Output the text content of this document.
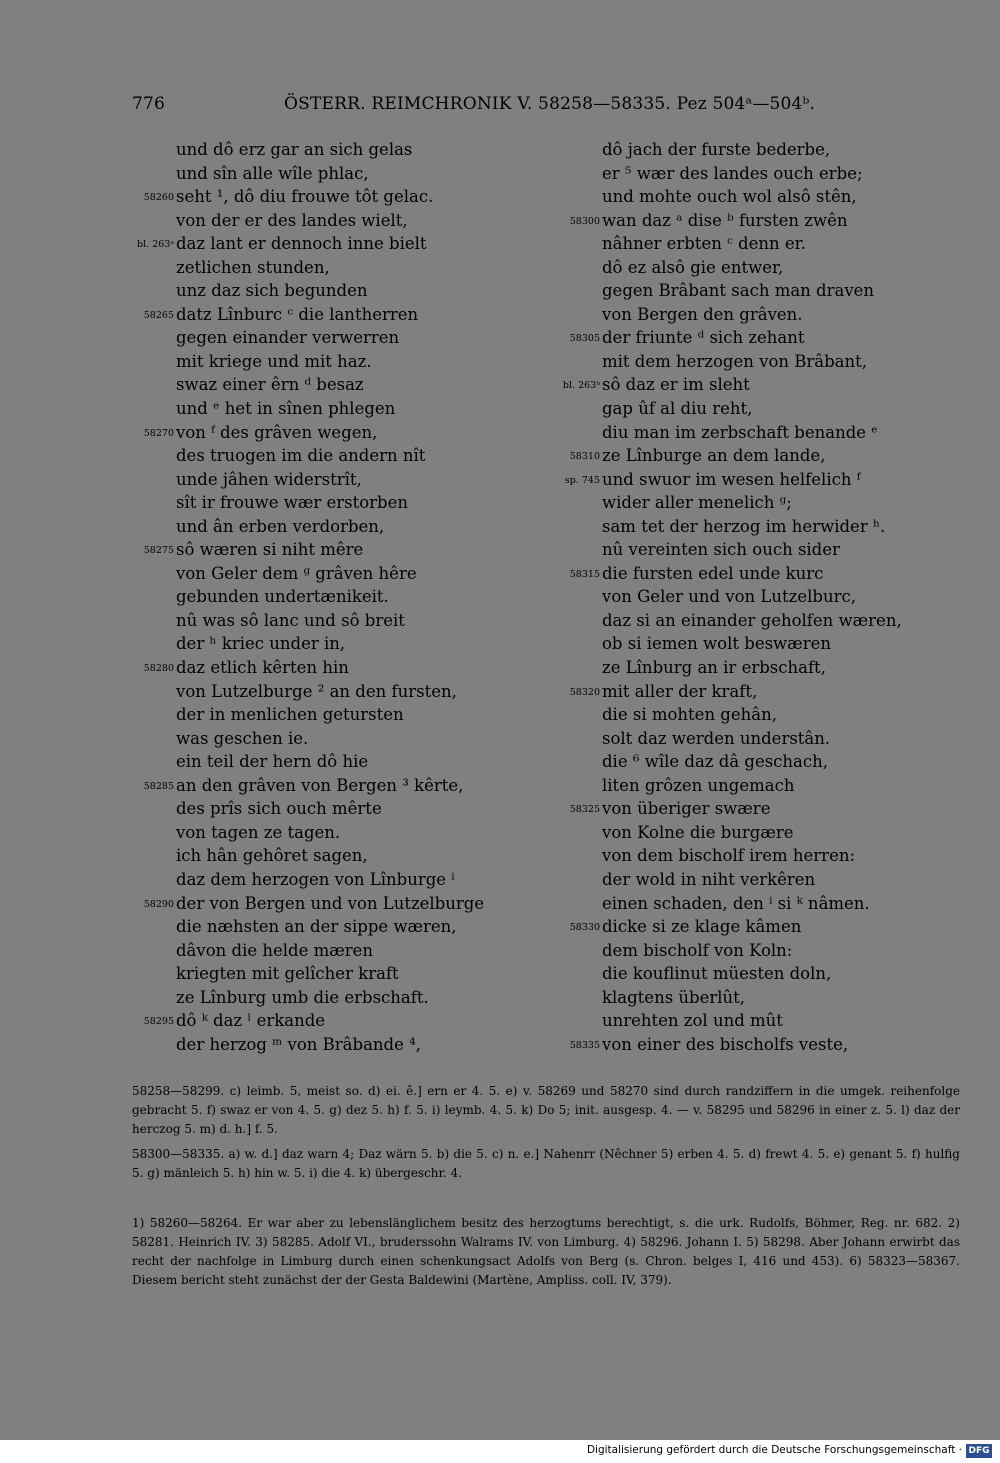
776	ÖSTERR. REIMCHRONIK V. 58258—58335. Pez 504ᵃ—504ᵇ.
und dô erz gar an sich gelas
und sîn alle wîle phlac,
58260 seht ¹, dô diu frouwe tôt gelac.
von der er des landes wielt,
bl. 263ᵃ daz lant er dennoch inne bielt
zetlichen stunden,
unz daz sich begunden
58265 datz Lînburc ᶜ die lantherren
gegen einander verwerren
mit kriege und mit haz.
swaz einer êrn ᵈ besaz
und ᵉ het in sînen phlegen
58270 von ᶠ des grâven wegen,
des truogen im die andern nît
unde jâhen widerstrît,
sît ir frouwe wær erstorben
und ân erben verdorben,
58275 sô wæren si niht mêre
von Geler dem ᵍ grâven hêre
gebunden undertænikeit.
nû was sô lanc und sô breit
der ʰ kriec under in,
58280 daz etlich kêrten hin
von Lutzelburge ² an den fursten,
der in menlichen getursten
was geschen ie.
ein teil der hern dô hie
58285 an den grâven von Bergen ³ kêrte,
des prîs sich ouch mêrte
von tagen ze tagen.
ich hân gehôret sagen,
daz dem herzogen von Lînburge ⁱ
58290 der von Bergen und von Lutzelburge
die næhsten an der sippe wæren,
dâvon die helde mæren
kriegten mit gelîcher kraft
ze Lînburg umb die erbschaft.
58295 dô ᵏ daz ˡ erkande
der herzog ᵐ von Brâbande ⁴,
dô jach der furste bederbe,
er ⁵ wær des landes ouch erbe;
und mohte ouch wol alsô stên,
58300 wan daz ᵃ dise ᵇ fursten zwên
nâhner erbten ᶜ denn er.
dô ez alsô gie entwer,
gegen Brâbant sach man draven
von Bergen den grâven.
58305 der friunte ᵈ sich zehant
mit dem herzogen von Brâbant,
bl. 263ᵇ sô daz er im sleht
gap ûf al diu reht,
diu man im zerbschaft benande ᵉ
58310 ze Lînburge an dem lande,
sp. 745 und swuor im wesen helfelich ᶠ
wider aller menelich ᵍ;
sam tet der herzog im herwider ʰ.
nû vereinten sich ouch sider
58315 die fursten edel unde kurc
von Geler und von Lutzelburc,
daz si an einander geholfen wæren,
ob si iemen wolt beswæren
ze Lînburg an ir erbschaft,
58320 mit aller der kraft,
die si mohten gehân,
solt daz werden understân.
die ⁶ wîle daz dâ geschach,
liten grôzen ungemach
58325 von überiger swære
von Kolne die burgære
von dem bischolf irem herren:
der wold in niht verkêren
einen schaden, den ⁱ si ᵏ nâmen.
58330 dicke si ze klage kâmen
dem bischolf von Koln:
die kouflinut müesten doln,
klagtens überlût,
unrehten zol und mût
58335 von einer des bischolfs veste,

58258—58299. c) leimb. 5, meist so. d) ei. ê.] ern er 4. 5. e) v. 58269 und 58270 sind durch randziffern in die umgek. reihenfolge gebracht 5. f) swaz er von 4. 5. g) dez 5. h) f. 5. i) leymb. 4. 5. k) Do 5; init. ausgesp. 4. — v. 58295 und 58296 in einer z. 5. l) daz der herczog 5. m) d. h.] f. 5.

58300—58335. a) w. d.] daz warn 4; Daz wärn 5. b) die 5. c) n. e.] Nahenrr (Nêchner 5) erben 4. 5. d) frewt 4. 5. e) genant 5. f) hulfig 5. g) mänleich 5. h) hin w. 5. i) die 4. k) übergeschr. 4.

1) 58260—58264. Er war aber zu lebenslänglichem besitz des herzogtums berechtigt, s. die urk. Rudolfs, Böhmer, Reg. nr. 682. 2) 58281. Heinrich IV. 3) 58285. Adolf VI., bruderssohn Walrams IV. von Limburg. 4) 58296. Johann I. 5) 58298. Aber Johann erwirbt das recht der nachfolge in Limburg durch einen schenkungsact Adolfs von Berg (s. Chron. belges I, 416 und 453). 6) 58323—58367. Diesem bericht steht zunächst der der Gesta Baldewini (Martène, Ampliss. coll. IV, 379).

Digitalisierung gefördert durch die Deutsche Forschungsgemeinschaft · DFG
